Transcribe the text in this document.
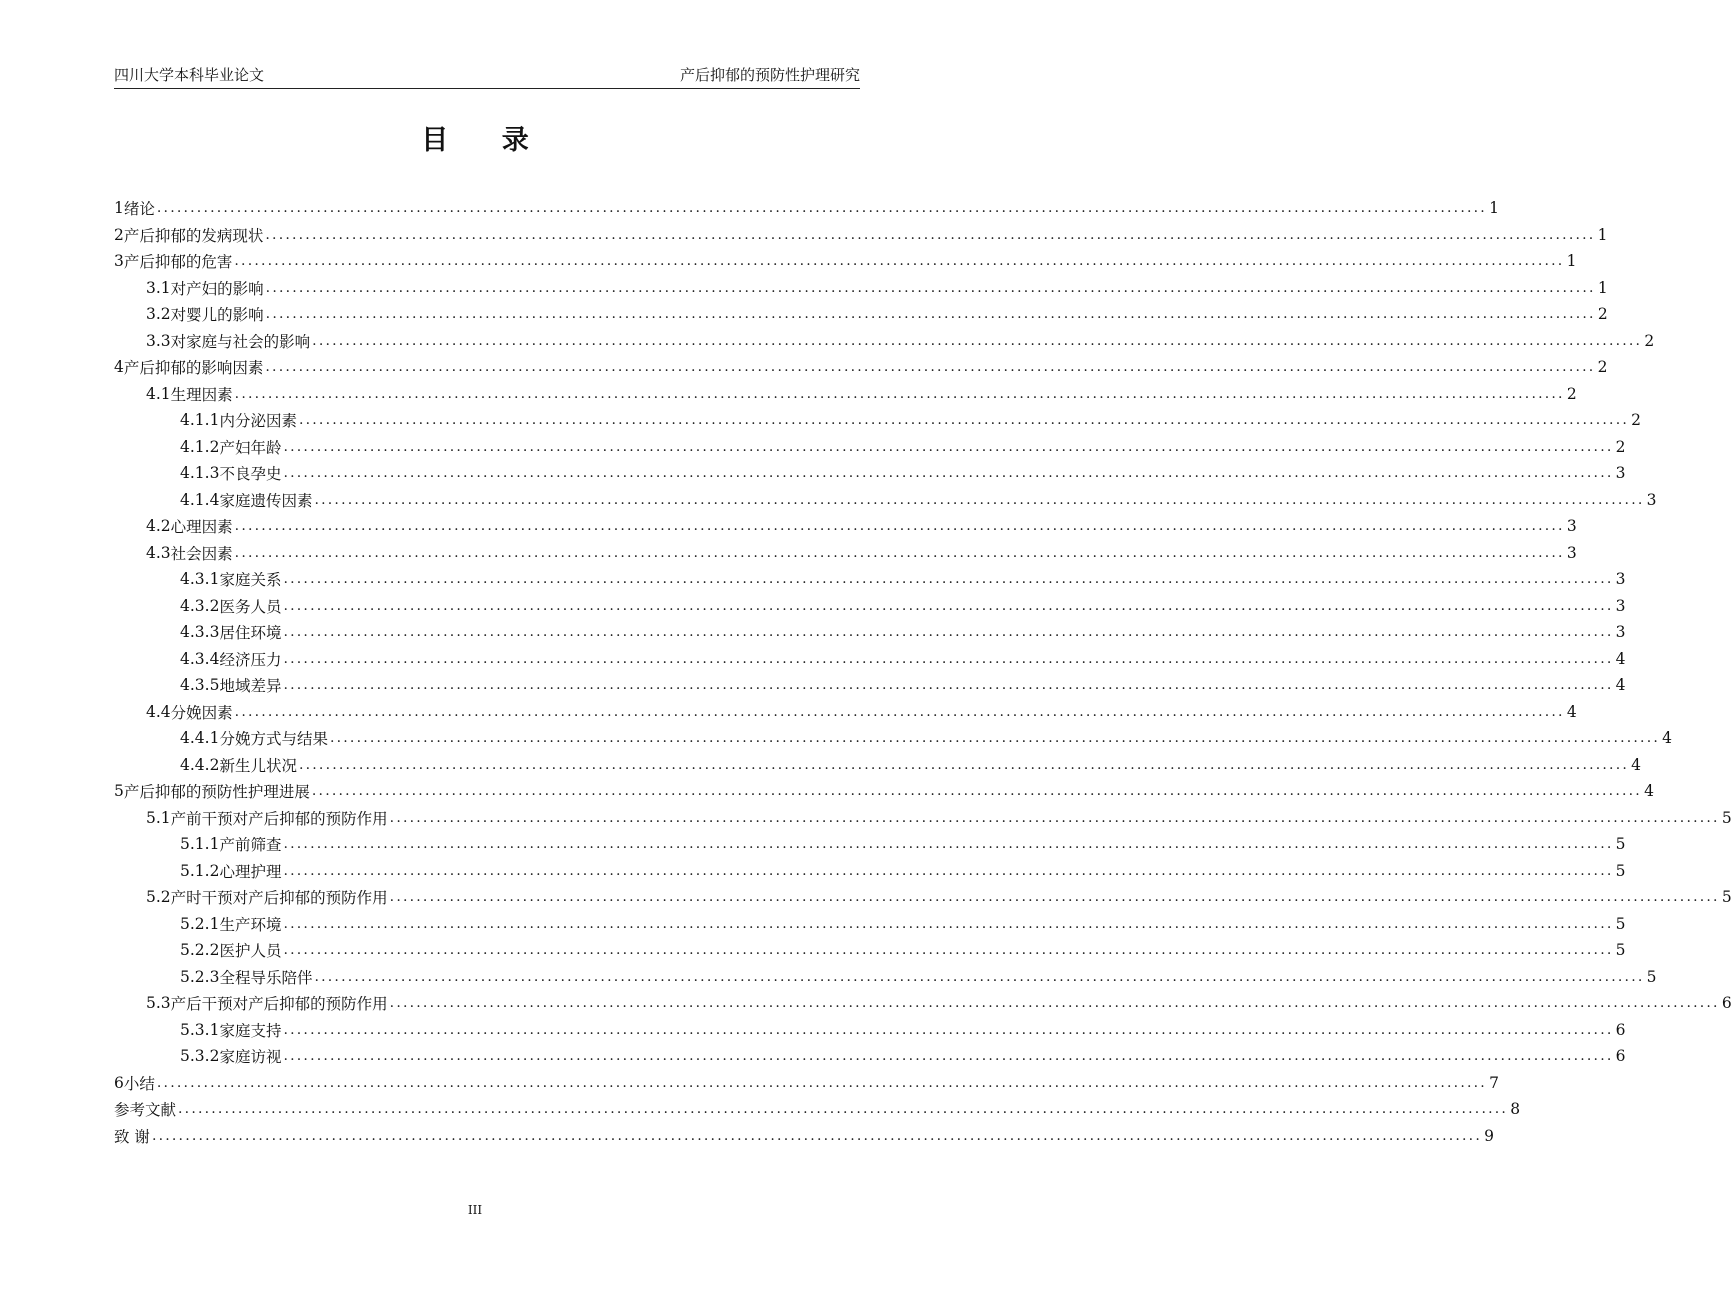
四川大学本科毕业论文	产后抑郁的预防性护理研究
目 录
1 绪论 ........................................................................................................................................................................................................ 1
2 产后抑郁的发病现状 ........................................................................................................................................................................................................ 1
3 产后抑郁的危害 ........................................................................................................................................................................................................ 1
3.1 对产妇的影响 ........................................................................................................................................................................................................ 1
3.2 对婴儿的影响 ........................................................................................................................................................................................................ 2
3.3 对家庭与社会的影响 ........................................................................................................................................................................................................ 2
4 产后抑郁的影响因素 ........................................................................................................................................................................................................ 2
4.1 生理因素 ........................................................................................................................................................................................................ 2
4.1.1 内分泌因素 ........................................................................................................................................................................................................ 2
4.1.2 产妇年龄 ........................................................................................................................................................................................................ 2
4.1.3 不良孕史 ........................................................................................................................................................................................................ 3
4.1.4 家庭遗传因素 ........................................................................................................................................................................................................ 3
4.2 心理因素 ........................................................................................................................................................................................................ 3
4.3 社会因素 ........................................................................................................................................................................................................ 3
4.3.1 家庭关系 ........................................................................................................................................................................................................ 3
4.3.2 医务人员 ........................................................................................................................................................................................................ 3
4.3.3 居住环境 ........................................................................................................................................................................................................ 3
4.3.4 经济压力 ........................................................................................................................................................................................................ 4
4.3.5 地域差异 ........................................................................................................................................................................................................ 4
4.4 分娩因素 ........................................................................................................................................................................................................ 4
4.4.1 分娩方式与结果 ........................................................................................................................................................................................................ 4
4.4.2 新生儿状况 ........................................................................................................................................................................................................ 4
5 产后抑郁的预防性护理进展 ........................................................................................................................................................................................................ 4
5.1 产前干预对产后抑郁的预防作用 ........................................................................................................................................................................................................ 5
5.1.1 产前筛查 ........................................................................................................................................................................................................ 5
5.1.2 心理护理 ........................................................................................................................................................................................................ 5
5.2 产时干预对产后抑郁的预防作用 ........................................................................................................................................................................................................ 5
5.2.1 生产环境 ........................................................................................................................................................................................................ 5
5.2.2 医护人员 ........................................................................................................................................................................................................ 5
5.2.3 全程导乐陪伴 ........................................................................................................................................................................................................ 5
5.3 产后干预对产后抑郁的预防作用 ........................................................................................................................................................................................................ 6
5.3.1 家庭支持 ........................................................................................................................................................................................................ 6
5.3.2 家庭访视 ........................................................................................................................................................................................................ 6
6 小结 ........................................................................................................................................................................................................ 7
参考文献 ........................................................................................................................................................................................................ 8
致 谢 ........................................................................................................................................................................................................ 9
III
